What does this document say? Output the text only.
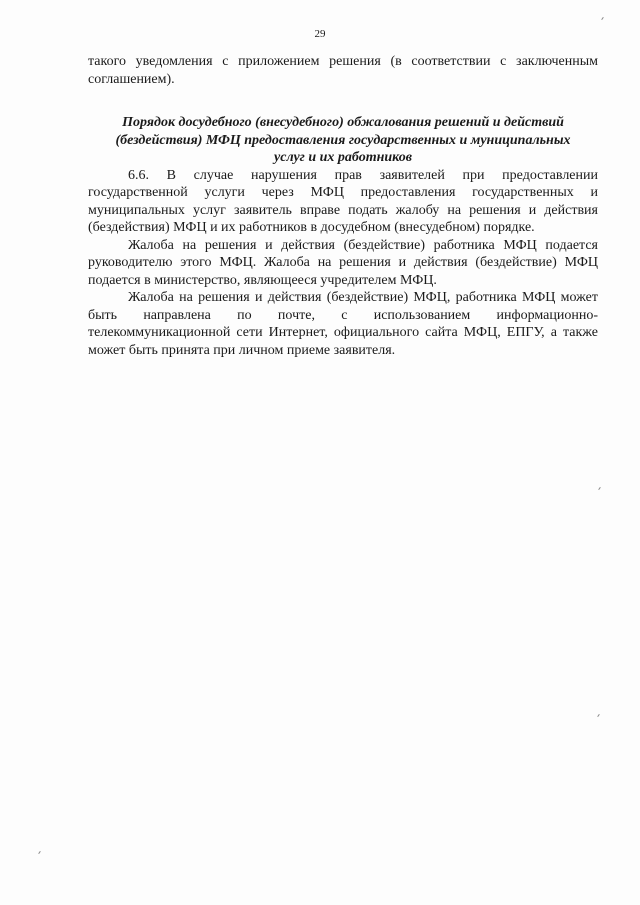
29

такого уведомления с приложением решения (в соответствии с заключенным соглашением).

Порядок досудебного (внесудебного) обжалования решений и действий
(бездействия) МФЦ предоставления государственных и муниципальных
услуг и их работников

6.6. В случае нарушения прав заявителей при предоставлении государственной услуги через МФЦ предоставления государственных и муниципальных услуг заявитель вправе подать жалобу на решения и действия (бездействия) МФЦ и их работников в досудебном (внесудебном) порядке.

Жалоба на решения и действия (бездействие) работника МФЦ подается руководителю этого МФЦ. Жалоба на решения и действия (бездействие) МФЦ подается в министерство, являющееся учредителем МФЦ.

Жалоба на решения и действия (бездействие) МФЦ, работника МФЦ может быть направлена по почте, с использованием информационно-телекоммуникационной сети Интернет, официального сайта МФЦ, ЕПГУ, а также может быть принята при личном приеме заявителя.
